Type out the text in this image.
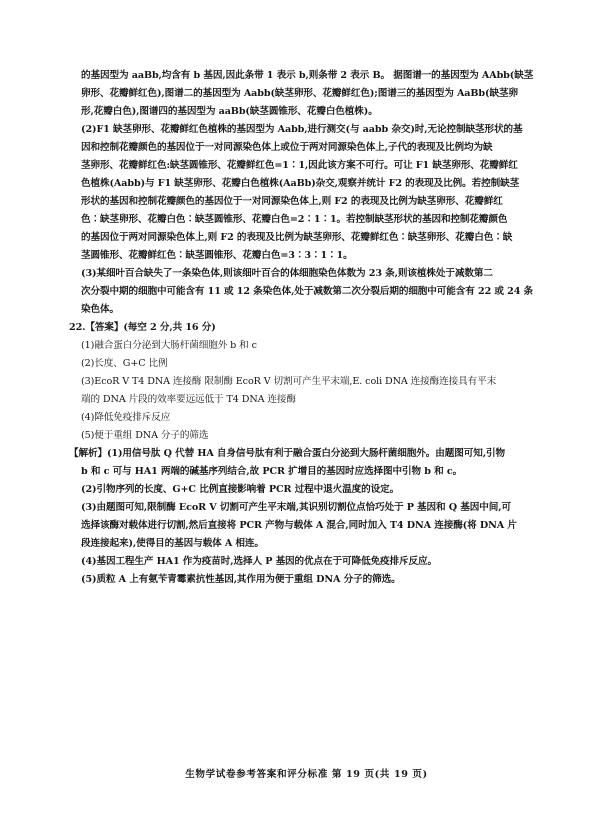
的基因型为 aaBb,均含有 b 基因,因此条带 1 表示 b,则条带 2 表示 B。 据图谱一的基因型为 AAbb(缺茎
卵形、花瓣鲜红色),图谱二的基因型为 Aabb(缺茎卵形、花瓣鲜红色);图谱三的基因型为 AaBb(缺茎卵
形,花瓣白色),图谱四的基因型为 aaBb(缺茎圆锥形、花瓣白色植株)。
(2)F1 缺茎卵形、花瓣鲜红色植株的基因型为 Aabb,进行测交(与 aabb 杂交)时,无论控制缺茎形状的基
因和控制花瓣颜色的基因位于一对同源染色体上或位于两对同源染色体上,子代的表现及比例均为缺
茎卵形、花瓣鲜红色:缺茎圆锥形、花瓣鲜红色=1∶1,因此该方案不可行。可让 F1 缺茎卵形、花瓣鲜红
色植株(Aabb)与 F1 缺茎卵形、花瓣白色植株(AaBb)杂交,观察并统计 F2 的表现及比例。若控制缺茎
形状的基因和控制花瓣颜色的基因位于一对同源染色体上,则 F2 的表现及比例为缺茎卵形、花瓣鲜红
色∶缺茎卵形、花瓣白色∶缺茎圆锥形、花瓣白色=2∶1∶1。若控制缺茎形状的基因和控制花瓣颜色
的基因位于两对同源染色体上,则 F2 的表现及比例为缺茎卵形、花瓣鲜红色∶缺茎卵形、花瓣白色∶缺
茎圆锥形、花瓣鲜红色∶缺茎圆锥形、花瓣白色=3∶3∶1∶1。
(3)某细叶百合缺失了一条染色体,则该细叶百合的体细胞染色体数为 23 条,则该植株处于减数第二
次分裂中期的细胞中可能含有 11 或 12 条染色体,处于减数第二次分裂后期的细胞中可能含有 22 或 24 条
染色体。
22.【答案】(每空 2 分,共 16 分)
(1)融合蛋白分泌到大肠杆菌细胞外 b 和 c
(2)长度、G+C 比例
(3)EcoR V T4 DNA 连接酶 限制酶 EcoR V 切割可产生平末端,E. coli DNA 连接酶连接具有平末
端的 DNA 片段的效率要远远低于 T4 DNA 连接酶
(4)降低免疫排斥反应
(5)便于重组 DNA 分子的筛选
【解析】(1)用信号肽 Q 代替 HA 自身信号肽有利于融合蛋白分泌到大肠杆菌细胞外。由题图可知,引物
b 和 c 可与 HA1 两端的碱基序列结合,故 PCR 扩增目的基因时应选择图中引物 b 和 c。
(2)引物序列的长度、G+C 比例直接影响着 PCR 过程中退火温度的设定。
(3)由题图可知,限制酶 EcoR V 切割可产生平末端,其识别切割位点恰巧处于 P 基因和 Q 基因中间,可
选择该酶对载体进行切割,然后直接将 PCR 产物与载体 A 混合,同时加入 T4 DNA 连接酶(将 DNA 片
段连接起来),使得目的基因与载体 A 相连。
(4)基因工程生产 HA1 作为疫苗时,选择人 P 基因的优点在于可降低免疫排斥反应。
(5)质粒 A 上有氨苄青霉素抗性基因,其作用为便于重组 DNA 分子的筛选。
生物学试卷参考答案和评分标准 第 19 页(共 19 页)
